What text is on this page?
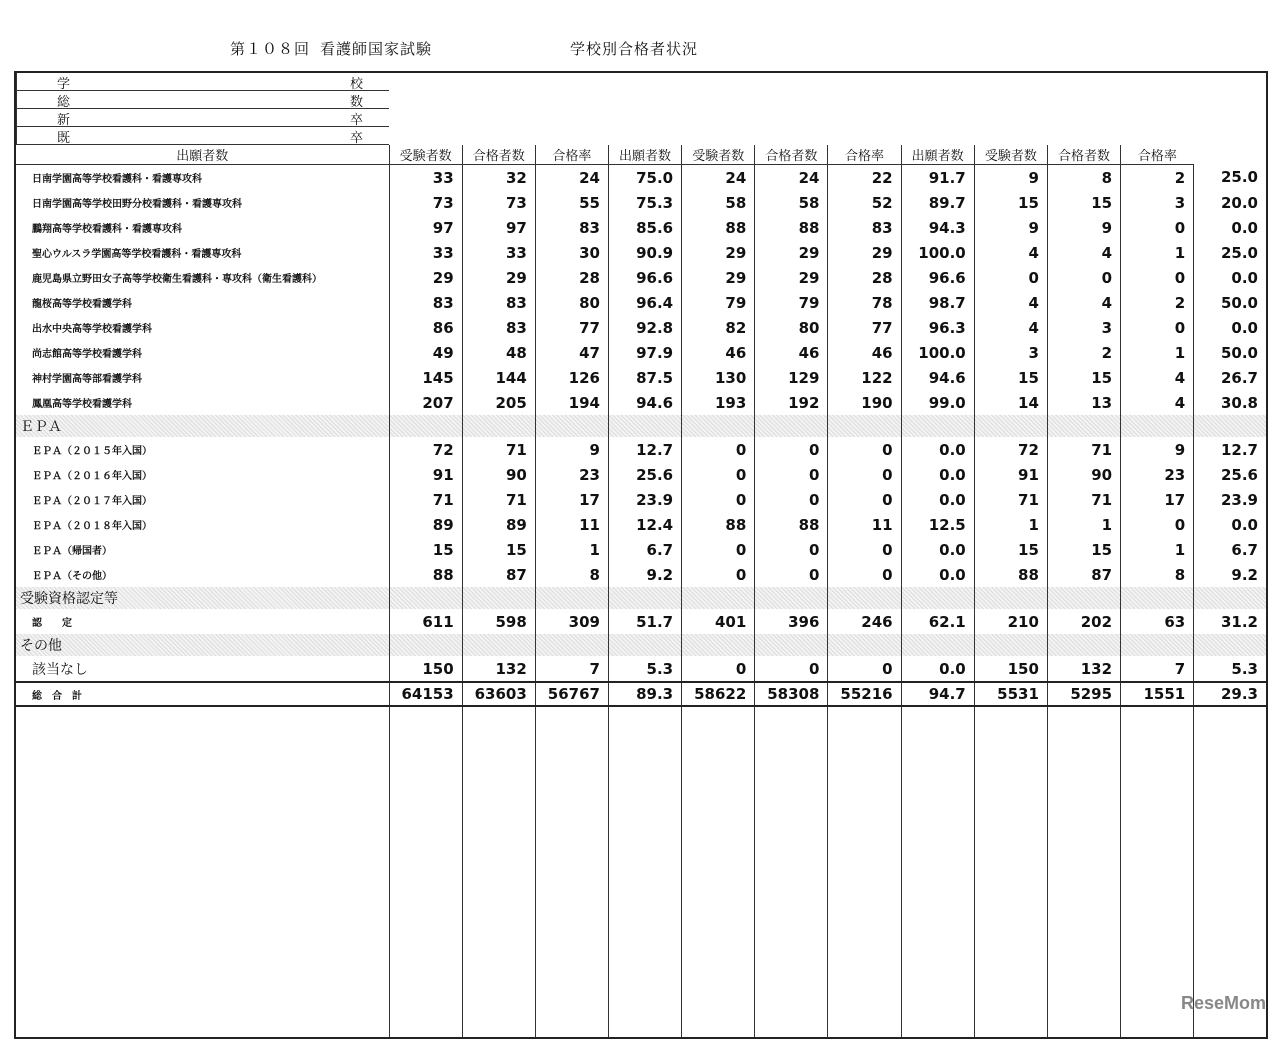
第１０８回 看護師国家試験	学校別合格者状況
学	校
総	数
新	卒
既	卒

出願者数	受験者数	合格者数	合格率	出願者数	受験者数	合格者数	合格率	出願者数	受験者数	合格者数	合格率	
日南学園高等学校看護科・看護専攻科	33	32	24	75.0	24	24	22	91.7	9	8	2	25.0
日南学園高等学校田野分校看護科・看護専攻科	73	73	55	75.3	58	58	52	89.7	15	15	3	20.0
鵬翔高等学校看護科・看護専攻科	97	97	83	85.6	88	88	83	94.3	9	9	0	0.0
聖心ウルスラ学園高等学校看護科・看護専攻科	33	33	30	90.9	29	29	29	100.0	4	4	1	25.0
鹿児島県立野田女子高等学校衛生看護科・専攻科（衛生看護科）	29	29	28	96.6	29	29	28	96.6	0	0	0	0.0
龍桜高等学校看護学科	83	83	80	96.4	79	79	78	98.7	4	4	2	50.0
出水中央高等学校看護学科	86	83	77	92.8	82	80	77	96.3	4	3	0	0.0
尚志館高等学校看護学科	49	48	47	97.9	46	46	46	100.0	3	2	1	50.0
神村学園高等部看護学科	145	144	126	87.5	130	129	122	94.6	15	15	4	26.7
鳳凰高等学校看護学科	207	205	194	94.6	193	192	190	99.0	14	13	4	30.8
ＥＰＡ												
ＥＰＡ（２０１５年入国）	72	71	9	12.7	0	0	0	0.0	72	71	9	12.7
ＥＰＡ（２０１６年入国）	91	90	23	25.6	0	0	0	0.0	91	90	23	25.6
ＥＰＡ（２０１７年入国）	71	71	17	23.9	0	0	0	0.0	71	71	17	23.9
ＥＰＡ（２０１８年入国）	89	89	11	12.4	88	88	11	12.5	1	1	0	0.0
ＥＰＡ（帰国者）	15	15	1	6.7	0	0	0	0.0	15	15	1	6.7
ＥＰＡ（その他）	88	87	8	9.2	0	0	0	0.0	88	87	8	9.2
受験資格認定等												
認　　定	611	598	309	51.7	401	396	246	62.1	210	202	63	31.2
その他												
該当なし	150	132	7	5.3	0	0	0	0.0	150	132	7	5.3
総　合　計	64153	63603	56767	89.3	58622	58308	55216	94.7	5531	5295	1551	29.3

ReseMom
